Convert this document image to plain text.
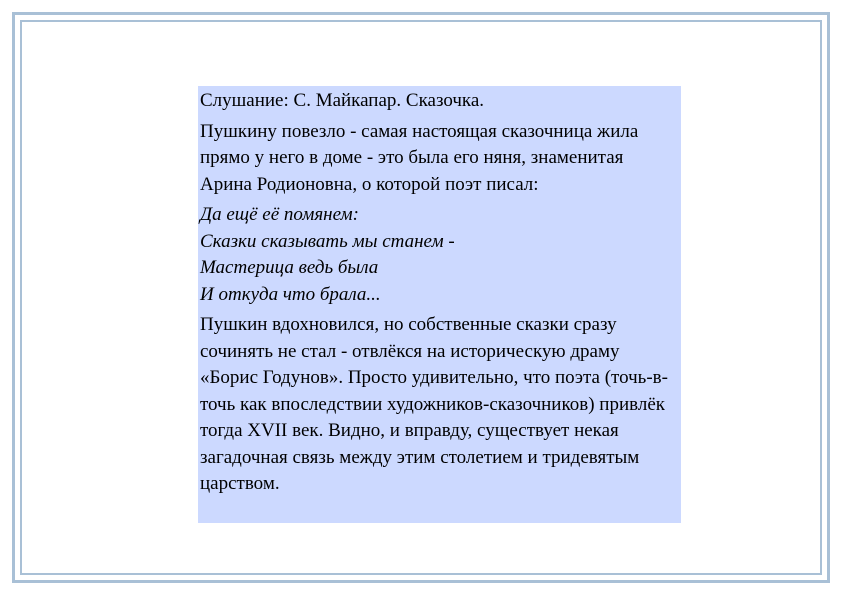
Слушание: С. Майкапар. Сказочка.

Пушкину повезло - самая настоящая сказочница жила прямо у него в доме - это была его няня, знаменитая Арина Родионовна, о которой поэт писал:

Да ещё её помянем:
Сказки сказывать мы станем -
Мастерица ведь была
И откуда что брала...

Пушкин вдохновился, но собственные сказки сразу сочинять не стал - отвлёкся на историческую драму «Борис Годунов». Просто удивительно, что поэта (точь-в-точь как впоследствии художников-сказочников) привлёк тогда XVII век. Видно, и вправду, существует некая загадочная связь между этим столетием и тридевятым царством.
